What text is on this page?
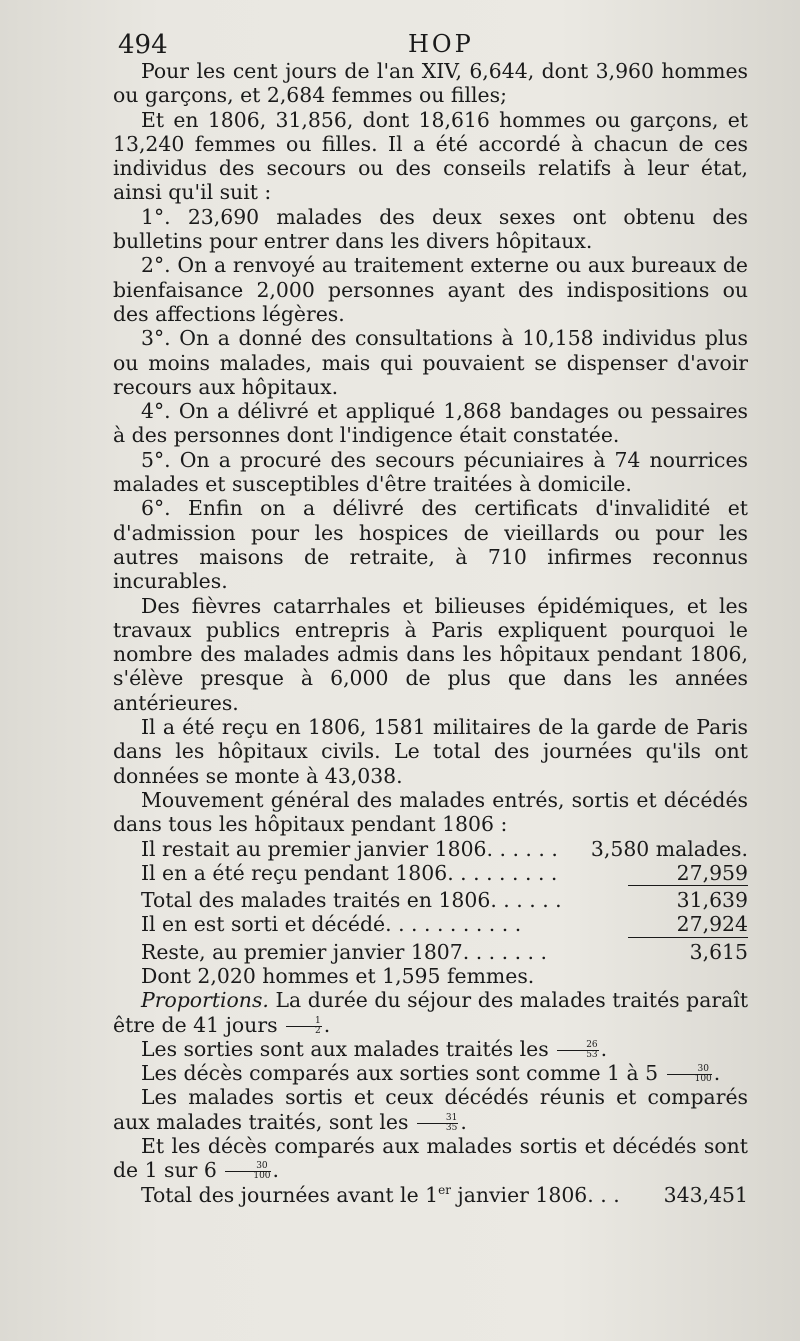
494	HOP

Pour les cent jours de l'an XIV, 6,644, dont 3,960 hommes ou garçons, et 2,684 femmes ou filles;

Et en 1806, 31,856, dont 18,616 hommes ou garçons, et 13,240 femmes ou filles. Il a été accordé à chacun de ces individus des secours ou des conseils relatifs à leur état, ainsi qu'il suit :

1°. 23,690 malades des deux sexes ont obtenu des bulletins pour entrer dans les divers hôpitaux.

2°. On a renvoyé au traitement externe ou aux bureaux de bienfaisance 2,000 personnes ayant des indispositions ou des affections légères.

3°. On a donné des consultations à 10,158 individus plus ou moins malades, mais qui pouvaient se dispenser d'avoir recours aux hôpitaux.

4°. On a délivré et appliqué 1,868 bandages ou pessaires à des personnes dont l'indigence était constatée.

5°. On a procuré des secours pécuniaires à 74 nourrices malades et susceptibles d'être traitées à domicile.

6°. Enfin on a délivré des certificats d'invalidité et d'admission pour les hospices de vieillards ou pour les autres maisons de retraite, à 710 infirmes reconnus incurables.

Des fièvres catarrhales et bilieuses épidémiques, et les travaux publics entrepris à Paris expliquent pourquoi le nombre des malades admis dans les hôpitaux pendant 1806, s'élève presque à 6,000 de plus que dans les années antérieures.

Il a été reçu en 1806, 1581 militaires de la garde de Paris dans les hôpitaux civils. Le total des journées qu'ils ont données se monte à 43,038.

Mouvement général des malades entrés, sortis et décédés dans tous les hôpitaux pendant 1806 :

Il restait au premier janvier 1806. . . . . . 3,580 malades.
Il en a été reçu pendant 1806. . . . . . . . .	27,959
Total des malades traités en 1806. . . . . .	31,639
Il en est sorti et décédé. . . . . . . . . . .	27,924
Reste, au premier janvier 1807. . . . . . .	3,615

Dont 2,020 hommes et 1,595 femmes.

Proportions. La durée du séjour des malades traités paraît être de 41 jours $\frac{1}{2}$ .

Les sorties sont aux malades traités les $\frac{26}{53}$ .

Les décès comparés aux sorties sont comme 1 à $5 \frac{30}{100}$ .

Les malades sortis et ceux décédés réunis et comparés aux malades traités, sont les $\frac{31}{35}$ .

Et les décès comparés aux malades sortis et décédés sont de 1 sur $6 \frac{30}{100}$ .

Total des journées avant le 1er janvier 1806. . .	343,451
